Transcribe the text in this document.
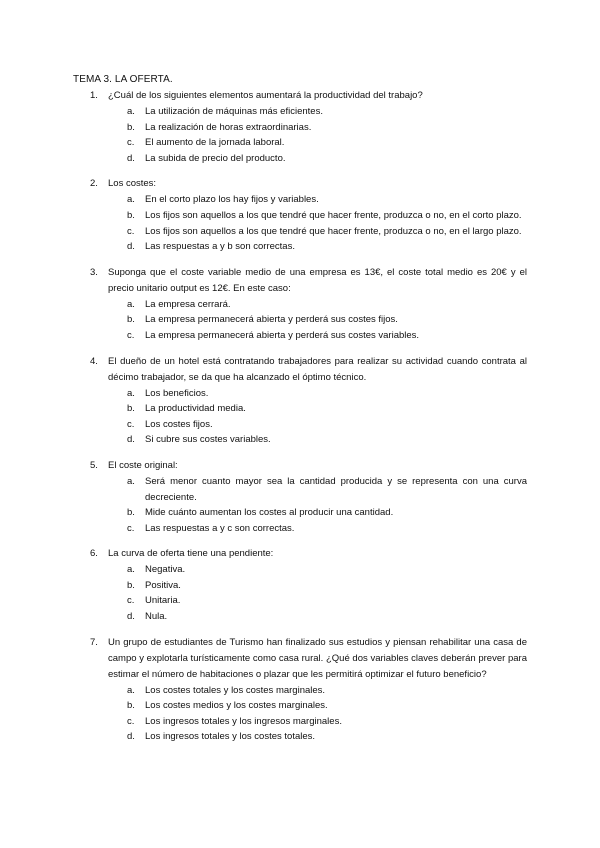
TEMA 3. LA OFERTA.
1.	¿Cuál de los siguientes elementos aumentará la productividad del trabajo?
a. La utilización de máquinas más eficientes.
b. La realización de horas extraordinarias.
c. El aumento de la jornada laboral.
d. La subida de precio del producto.
2.	Los costes:
a. En el corto plazo los hay fijos y variables.
b. Los fijos son aquellos a los que tendré que hacer frente, produzca o no, en el corto plazo.
c. Los fijos son aquellos a los que tendré que hacer frente, produzca o no, en el largo plazo.
d. Las respuestas a y b son correctas.
3.	Suponga que el coste variable medio de una empresa es 13€, el coste total medio es 20€ y el precio unitario output es 12€. En este caso:
a. La empresa cerrará.
b. La empresa permanecerá abierta y perderá sus costes fijos.
c. La empresa permanecerá abierta y perderá sus costes variables.
4.	El dueño de un hotel está contratando trabajadores para realizar su actividad cuando contrata al décimo trabajador, se da que ha alcanzado el óptimo técnico.
a. Los beneficios.
b. La productividad media.
c. Los costes fijos.
d. Si cubre sus costes variables.
5.	El coste original:
a. Será menor cuanto mayor sea la cantidad producida y se representa con una curva decreciente.
b. Mide cuánto aumentan los costes al producir una cantidad.
c. Las respuestas a y c son correctas.
6.	La curva de oferta tiene una pendiente:
a. Negativa.
b. Positiva.
c. Unitaria.
d. Nula.
7.	Un grupo de estudiantes de Turismo han finalizado sus estudios y piensan rehabilitar una casa de campo y explotarla turísticamente como casa rural. ¿Qué dos variables claves deberán prever para estimar el número de habitaciones o plazar que les permitirá optimizar el futuro beneficio?
a. Los costes totales y los costes marginales.
b. Los costes medios y los costes marginales.
c. Los ingresos totales y los ingresos marginales.
d. Los ingresos totales y los costes totales.
